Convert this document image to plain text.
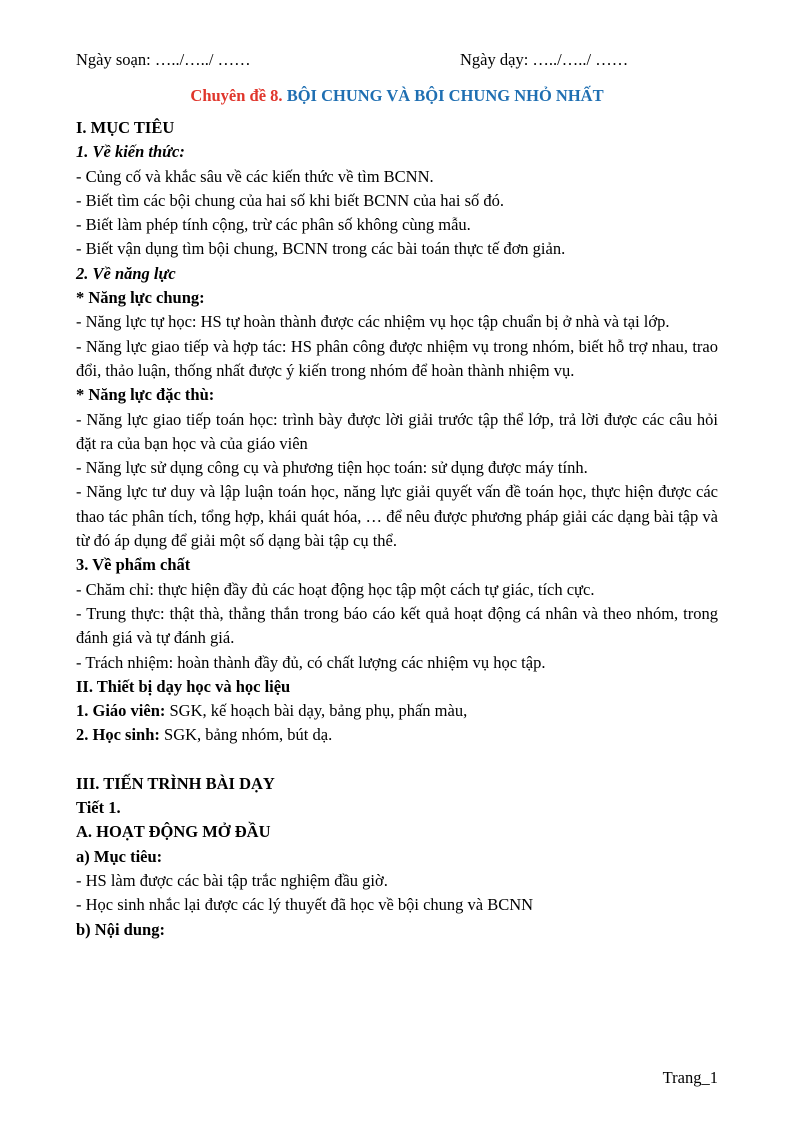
Ngày soạn: …../…../ ……	Ngày dạy: …../…../ ……
Chuyên đề 8. BỘI CHUNG VÀ BỘI CHUNG NHỎ NHẤT
I. MỤC TIÊU
1. Về kiến thức:
- Củng cố và khắc sâu về các kiến thức về tìm BCNN.
- Biết tìm các bội chung của hai số khi biết BCNN của hai số đó.
- Biết làm phép tính cộng, trừ các phân số không cùng mẫu.
- Biết vận dụng tìm bội chung, BCNN trong các bài toán thực tế đơn giản.
2. Về năng lực
* Năng lực chung:
- Năng lực tự học: HS tự hoàn thành được các nhiệm vụ học tập chuẩn bị ở nhà và tại lớp.
- Năng lực giao tiếp và hợp tác: HS phân công được nhiệm vụ trong nhóm, biết hỗ trợ nhau, trao đổi, thảo luận, thống nhất được ý kiến trong nhóm để hoàn thành nhiệm vụ.
* Năng lực đặc thù:
- Năng lực giao tiếp toán học: trình bày được lời giải trước tập thể lớp, trả lời được các câu hỏi đặt ra của bạn học và của giáo viên
- Năng lực sử dụng công cụ và phương tiện học toán: sử dụng được máy tính.
- Năng lực tư duy và lập luận toán học, năng lực giải quyết vấn đề toán học, thực hiện được các thao tác phân tích, tổng hợp, khái quát hóa, … để nêu được phương pháp giải các dạng bài tập và từ đó áp dụng để giải một số dạng bài tập cụ thể.
3. Về phẩm chất
- Chăm chỉ: thực hiện đầy đủ các hoạt động học tập một cách tự giác, tích cực.
- Trung thực: thật thà, thẳng thắn trong báo cáo kết quả hoạt động cá nhân và theo nhóm, trong đánh giá và tự đánh giá.
- Trách nhiệm: hoàn thành đầy đủ, có chất lượng các nhiệm vụ học tập.
II. Thiết bị dạy học và học liệu
1. Giáo viên: SGK, kế hoạch bài dạy, bảng phụ, phấn màu,
2. Học sinh: SGK, bảng nhóm, bút dạ.
III. TIẾN TRÌNH BÀI DẠY
Tiết 1.
A. HOẠT ĐỘNG MỞ ĐẦU
a) Mục tiêu:
- HS làm được các bài tập trắc nghiệm đầu giờ.
- Học sinh nhắc lại được các lý thuyết đã học về bội chung và BCNN
b) Nội dung:
Trang_1
